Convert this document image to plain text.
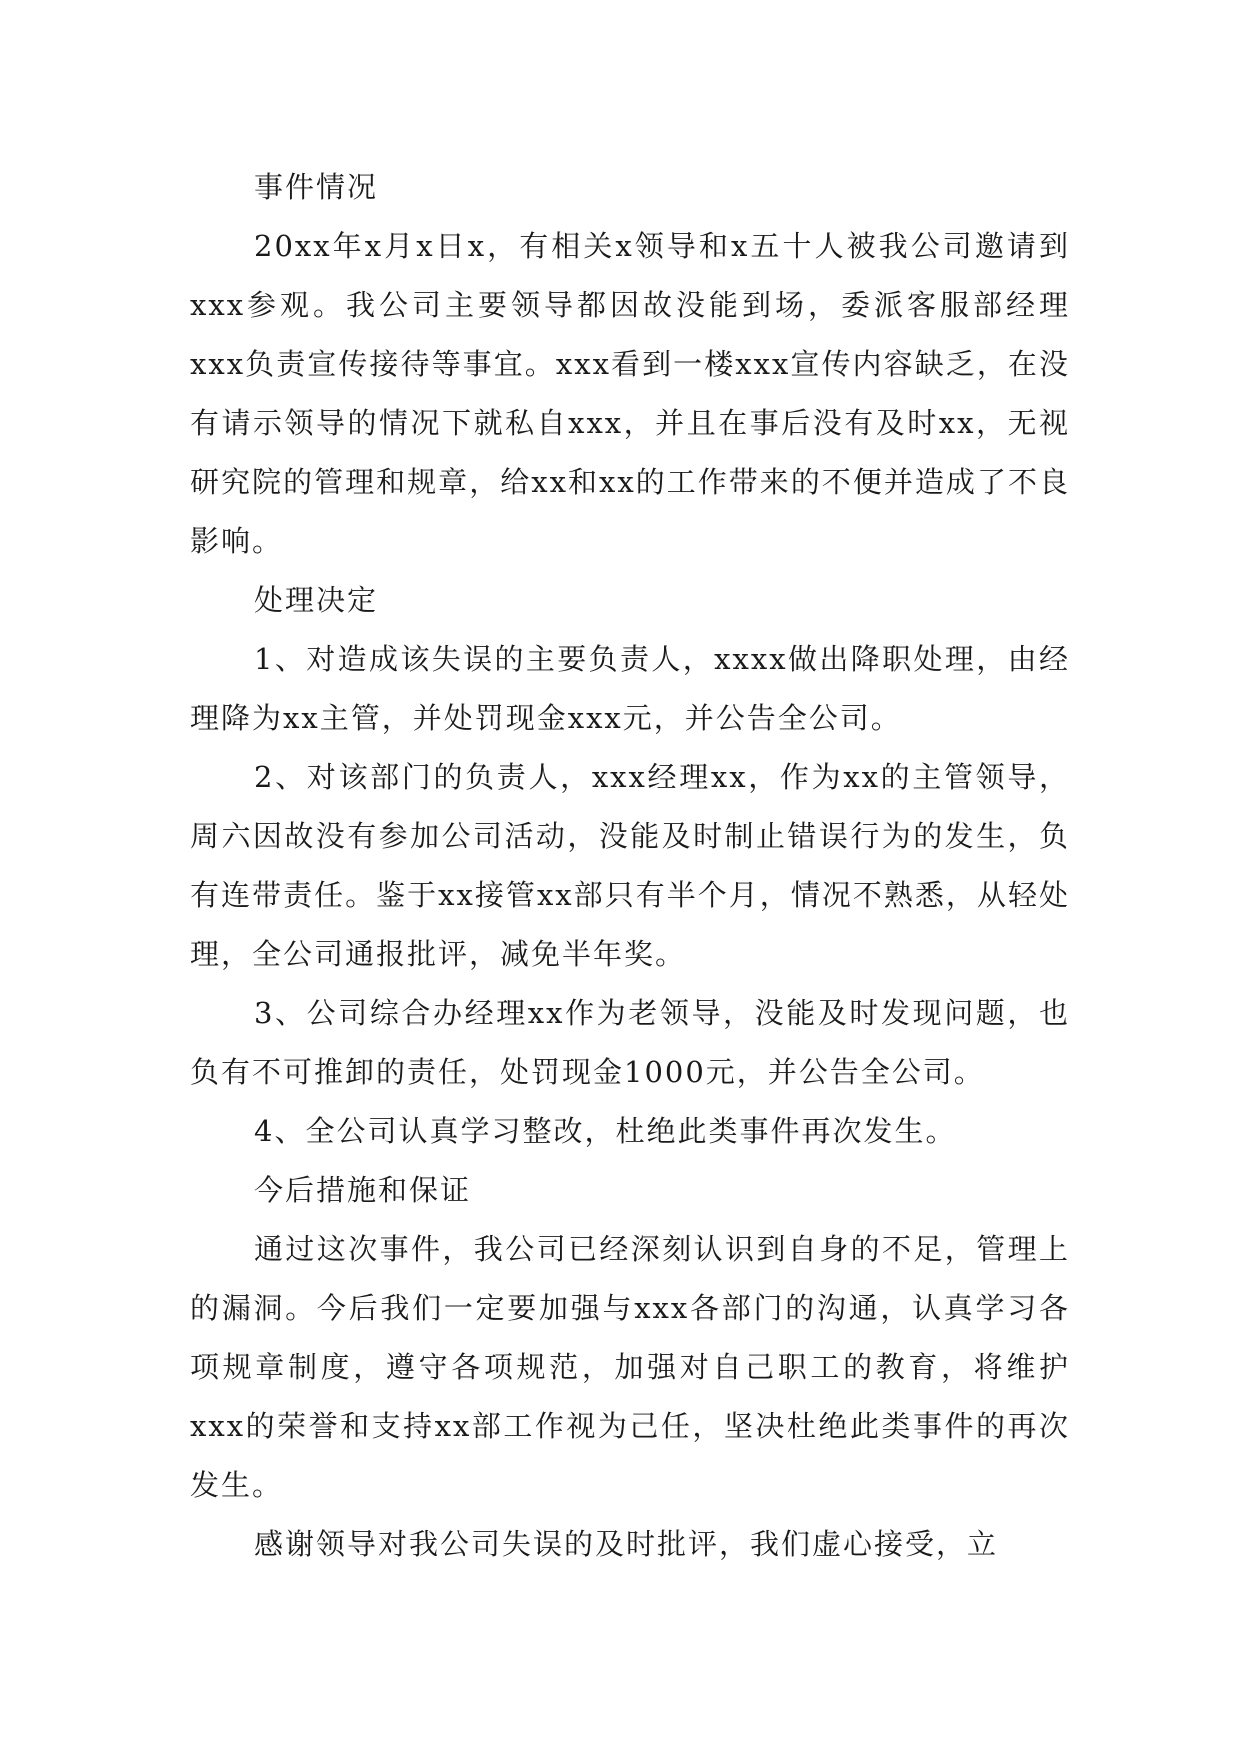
事件情况

20xx年x月x日x，有相关x领导和x五十人被我公司邀请到xxx参观。我公司主要领导都因故没能到场，委派客服部经理xxx负责宣传接待等事宜。xxx看到一楼xxx宣传内容缺乏，在没有请示领导的情况下就私自xxx，并且在事后没有及时xx，无视研究院的管理和规章，给xx和xx的工作带来的不便并造成了不良影响。

处理决定

1、对造成该失误的主要负责人，xxxx做出降职处理，由经理降为xx主管，并处罚现金xxx元，并公告全公司。

2、对该部门的负责人，xxx经理xx，作为xx的主管领导，周六因故没有参加公司活动，没能及时制止错误行为的发生，负有连带责任。鉴于xx接管xx部只有半个月，情况不熟悉，从轻处理，全公司通报批评，减免半年奖。

3、公司综合办经理xx作为老领导，没能及时发现问题，也负有不可推卸的责任，处罚现金1000元，并公告全公司。

4、全公司认真学习整改，杜绝此类事件再次发生。

今后措施和保证

通过这次事件，我公司已经深刻认识到自身的不足，管理上的漏洞。今后我们一定要加强与xxx各部门的沟通，认真学习各项规章制度，遵守各项规范，加强对自己职工的教育，将维护xxx的荣誉和支持xx部工作视为己任，坚决杜绝此类事件的再次发生。

感谢领导对我公司失误的及时批评，我们虚心接受，立
